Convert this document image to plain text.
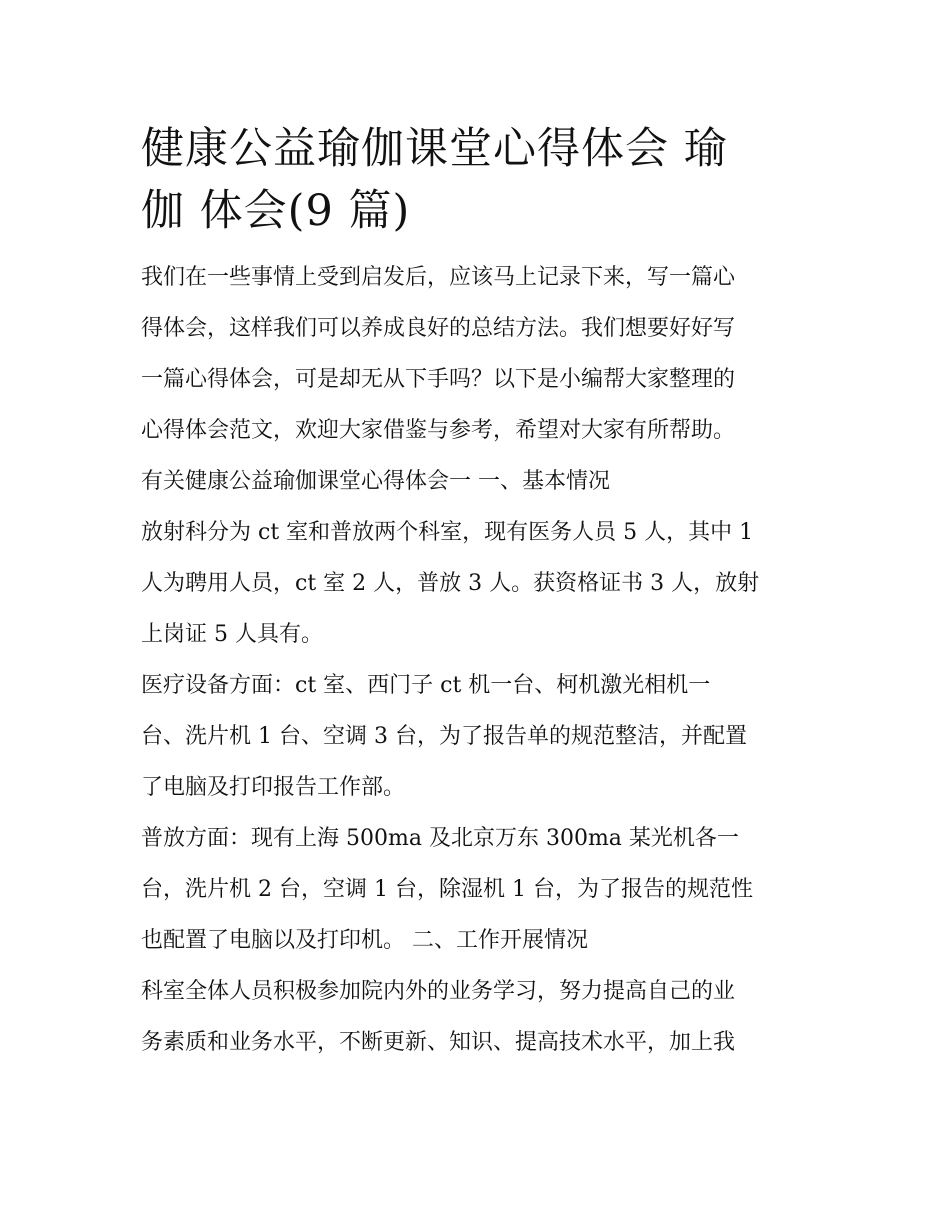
健康公益瑜伽课堂心得体会 瑜
伽 体会(9 篇)

我们在一些事情上受到启发后，应该马上记录下来，写一篇心
得体会，这样我们可以养成良好的总结方法。我们想要好好写
一篇心得体会，可是却无从下手吗？以下是小编帮大家整理的
心得体会范文，欢迎大家借鉴与参考，希望对大家有所帮助。

有关健康公益瑜伽课堂心得体会一 一、基本情况

放射科分为 ct 室和普放两个科室，现有医务人员 5 人，其中 1
人为聘用人员，ct 室 2 人，普放 3 人。获资格证书 3 人，放射
上岗证 5 人具有。

医疗设备方面：ct 室、西门子 ct 机一台、柯机激光相机一
台、洗片机 1 台、空调 3 台，为了报告单的规范整洁，并配置
了电脑及打印报告工作部。

普放方面：现有上海 500ma 及北京万东 300ma 某光机各一
台，洗片机 2 台，空调 1 台，除湿机 1 台，为了报告的规范性
也配置了电脑以及打印机。 二、工作开展情况

科室全体人员积极参加院内外的业务学习，努力提高自己的业
务素质和业务水平，不断更新、知识、提高技术水平，加上我
